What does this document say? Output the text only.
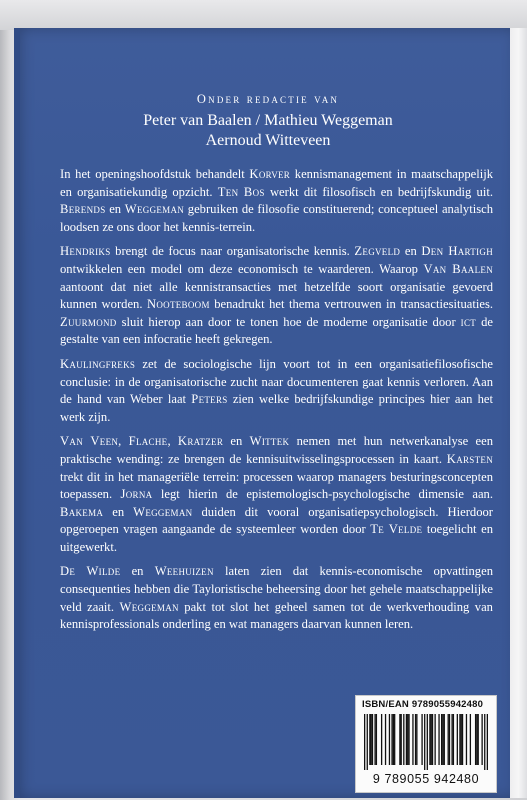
Onder redactie van
Peter van Baalen / Mathieu Weggeman
Aernoud Witteveen

In het openingshoofdstuk behandelt Korver kennismanagement in maatschappelijk en organisatiekundig opzicht. Ten Bos werkt dit filosofisch en bedrijfskundig uit. Berends en Weggeman gebruiken de filosofie constituerend; conceptueel analytisch loodsen ze ons door het kennis-terrein.

Hendriks brengt de focus naar organisatorische kennis. Zegveld en Den Hartigh ontwikkelen een model om deze economisch te waarderen. Waarop Van Baalen aantoont dat niet alle kennistransacties met hetzelfde soort organisatie gevoerd kunnen worden. Nooteboom benadrukt het thema vertrouwen in transactiesituaties. Zuurmond sluit hierop aan door te tonen hoe de moderne organisatie door ict de gestalte van een infocratie heeft gekregen.

Kaulingfreks zet de sociologische lijn voort tot in een organisatiefilosofische conclusie: in de organisatorische zucht naar documenteren gaat kennis verloren. Aan de hand van Weber laat Peters zien welke bedrijfskundige principes hier aan het werk zijn.

Van Veen, Flache, Kratzer en Wittek nemen met hun netwerkanalyse een praktische wending: ze brengen de kennisuitwisselingsprocessen in kaart. Karsten trekt dit in het manageriële terrein: processen waarop managers besturingsconcepten toepassen. Jorna legt hierin de epistemologisch-psychologische dimensie aan. Bakema en Weggeman duiden dit vooral organisatiepsychologisch. Hierdoor opgeroepen vragen aangaande de systeemleer worden door Te Velde toegelicht en uitgewerkt.

De Wilde en Weehuizen laten zien dat kennis-economische opvattingen consequenties hebben die Tayloristische beheersing door het gehele maatschappelijke veld zaait. Weggeman pakt tot slot het geheel samen tot de werkverhouding van kennisprofessionals onderling en wat managers daarvan kunnen leren.

ISBN/EAN 9789055942480
9 789055 942480
